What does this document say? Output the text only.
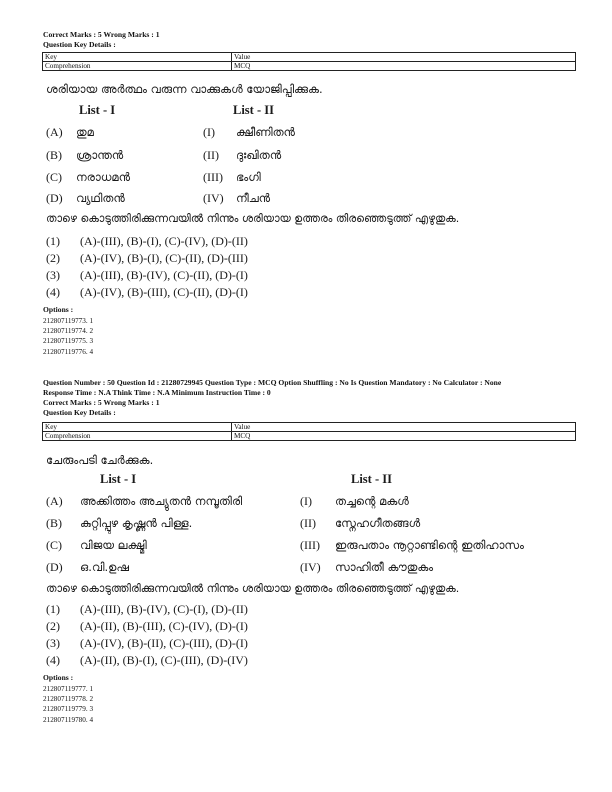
Correct Marks : 5 Wrong Marks : 1
Question Key Details :
Key	Value
Comprehension	MCQ
ശരിയായ അർത്ഥം വരുന്ന വാക്കുകൾ യോജിപ്പിക്കുക.
List - I	List - II
(A) തുമ	(I) ക്ഷീണിതൻ
(B) ശ്രാന്തൻ	(II) ദുഃഖിതൻ
(C) നരാധമൻ	(III) ഭംഗി
(D) വ്യഥിതൻ	(IV) നീചൻ
താഴെ കൊടുത്തിരിക്കുന്നവയിൽ നിന്നും ശരിയായ ഉത്തരം തിരഞ്ഞെടുത്ത് എഴുതുക.
(1) (A)-(III), (B)-(I), (C)-(IV), (D)-(II)
(2) (A)-(IV), (B)-(I), (C)-(II), (D)-(III)
(3) (A)-(III), (B)-(IV), (C)-(II), (D)-(I)
(4) (A)-(IV), (B)-(III), (C)-(II), (D)-(I)
Options :
212807119773. 1
212807119774. 2
212807119775. 3
212807119776. 4
Question Number : 50 Question Id : 21280729945 Question Type : MCQ Option Shuffling : No Is Question Mandatory : No Calculator : None
Response Time : N.A Think Time : N.A Minimum Instruction Time : 0
Correct Marks : 5 Wrong Marks : 1
Question Key Details :
Key	Value
Comprehension	MCQ
ചേരുംപടി ചേർക്കുക.
List - I	List - II
(A) അക്കിത്തം അച്യുതൻ നമ്പൂതിരി	(I) തച്ചന്റെ മകൾ
(B) കുറ്റിപ്പുഴ കൃഷ്ണൻ പിള്ള.	(II) സ്നേഹഗീതങ്ങൾ
(C) വിജയ ലക്ഷ്മി	(III) ഇരുപതാം നൂറ്റാണ്ടിന്റെ ഇതിഹാസം
(D) ഒ.വി.ഉഷ	(IV) സാഹിതീ കൗതുകം
താഴെ കൊടുത്തിരിക്കുന്നവയിൽ നിന്നും ശരിയായ ഉത്തരം തിരഞ്ഞെടുത്ത് എഴുതുക.
(1) (A)-(III), (B)-(IV), (C)-(I), (D)-(II)
(2) (A)-(II), (B)-(III), (C)-(IV), (D)-(I)
(3) (A)-(IV), (B)-(II), (C)-(III), (D)-(I)
(4) (A)-(II), (B)-(I), (C)-(III), (D)-(IV)
Options :
212807119777. 1
212807119778. 2
212807119779. 3
212807119780. 4
